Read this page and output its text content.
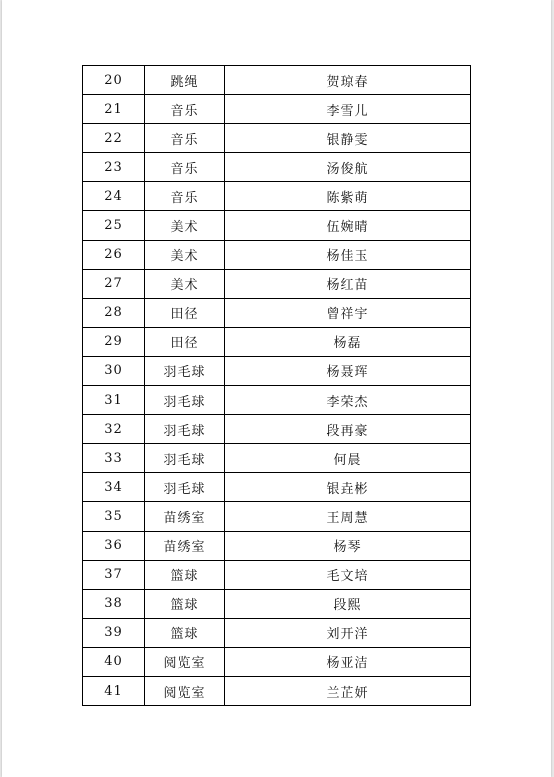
20	跳绳	贺琼春
21	音乐	李雪儿
22	音乐	银静雯
23	音乐	汤俊航
24	音乐	陈紫萌
25	美术	伍婉晴
26	美术	杨佳玉
27	美术	杨红苗
28	田径	曾祥宇
29	田径	杨磊
30	羽毛球	杨聂珲
31	羽毛球	李荣杰
32	羽毛球	段再豪
33	羽毛球	何晨
34	羽毛球	银垚彬
35	苗绣室	王周慧
36	苗绣室	杨琴
37	篮球	毛文培
38	篮球	段熙
39	篮球	刘开洋
40	阅览室	杨亚洁
41	阅览室	兰芷妍
